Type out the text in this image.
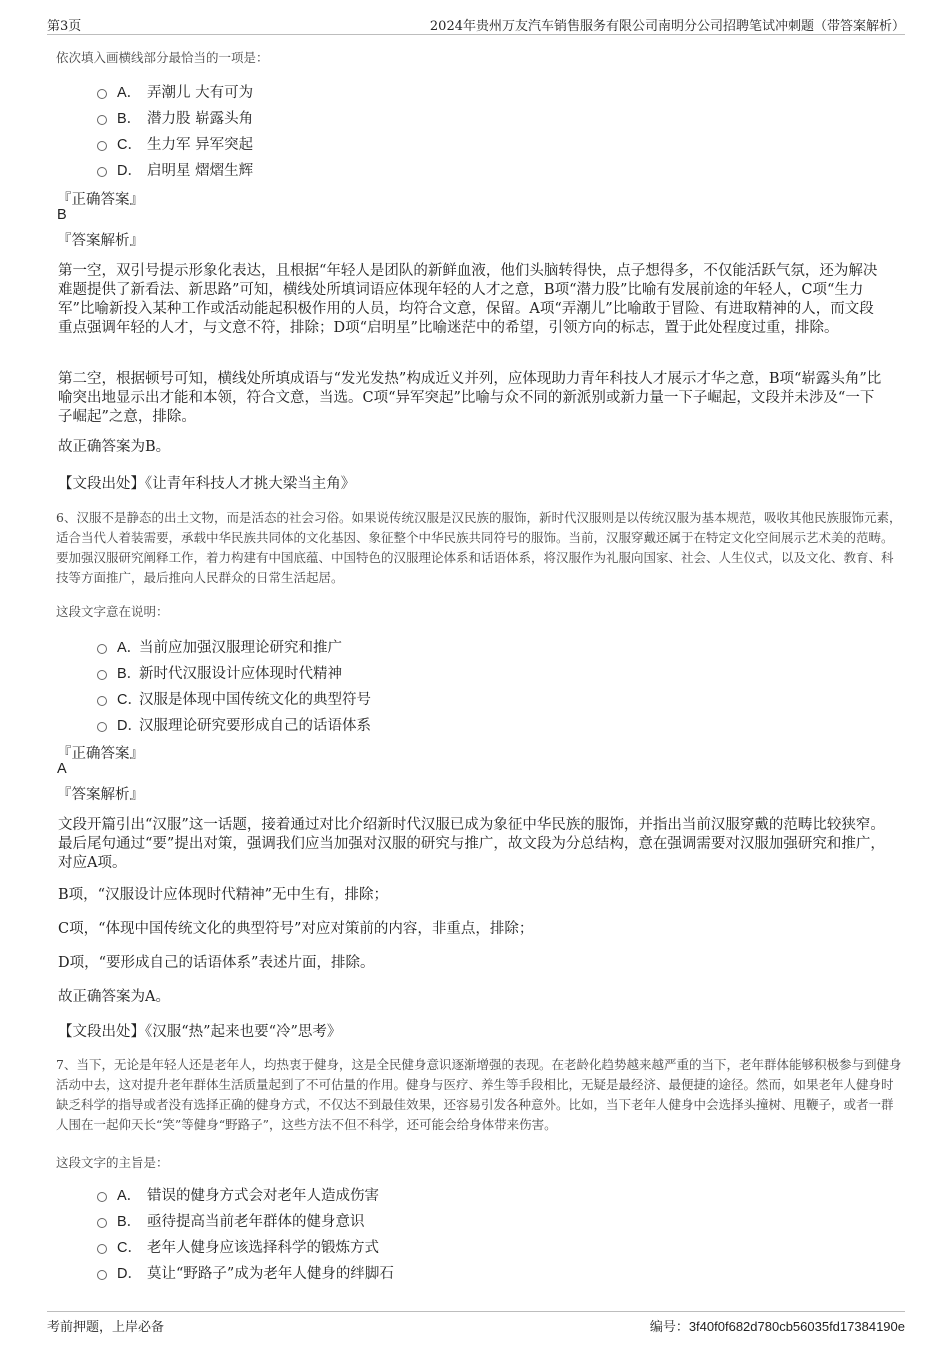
第3页	2024年贵州万友汽车销售服务有限公司南明分公司招聘笔试冲刺题（带答案解析）
依次填入画横线部分最恰当的一项是：
A． 弄潮儿 大有可为
B． 潜力股 崭露头角
C． 生力军 异军突起
D． 启明星 熠熠生辉
『正确答案』
B
『答案解析』
第一空，双引号提示形象化表达，且根据“年轻人是团队的新鲜血液，他们头脑转得快，点子想得多，不仅能活跃气氛，还为解决难题提供了新看法、新思路”可知，横线处所填词语应体现年轻的人才之意，B项“潜力股”比喻有发展前途的年轻人，C项“生力军”比喻新投入某种工作或活动能起积极作用的人员，均符合文意，保留。A项“弄潮儿”比喻敢于冒险、有进取精神的人，而文段重点强调年轻的人才，与文意不符，排除；D项“启明星”比喻迷茫中的希望，引领方向的标志，置于此处程度过重，排除。
第二空，根据顿号可知，横线处所填成语与“发光发热”构成近义并列，应体现助力青年科技人才展示才华之意，B项“崭露头角”比喻突出地显示出才能和本领，符合文意，当选。C项“异军突起”比喻与众不同的新派别或新力量一下子崛起，文段并未涉及“一下子崛起”之意，排除。
故正确答案为B。
【文段出处】《让青年科技人才挑大梁当主角》
6、汉服不是静态的出土文物，而是活态的社会习俗。如果说传统汉服是汉民族的服饰，新时代汉服则是以传统汉服为基本规范，吸收其他民族服饰元素，适合当代人着装需要，承载中华民族共同体的文化基因、象征整个中华民族共同符号的服饰。当前，汉服穿戴还属于在特定文化空间展示艺术美的范畴。要加强汉服研究阐释工作，着力构建有中国底蕴、中国特色的汉服理论体系和话语体系，将汉服作为礼服向国家、社会、人生仪式，以及文化、教育、科技等方面推广，最后推向人民群众的日常生活起居。
这段文字意在说明：
A．
当前应加强汉服理论研究和推广
B．
新时代汉服设计应体现时代精神
C．
汉服是体现中国传统文化的典型符号
D．
汉服理论研究要形成自己的话语体系
『正确答案』
A
『答案解析』
文段开篇引出“汉服”这一话题，接着通过对比介绍新时代汉服已成为象征中华民族的服饰，并指出当前汉服穿戴的范畴比较狭窄。最后尾句通过“要”提出对策，强调我们应当加强对汉服的研究与推广，故文段为分总结构，意在强调需要对汉服加强研究和推广，对应A项。
B项，“汉服设计应体现时代精神”无中生有，排除；
C项，“体现中国传统文化的典型符号”对应对策前的内容，非重点，排除；
D项，“要形成自己的话语体系”表述片面，排除。
故正确答案为A。
【文段出处】《汉服“热”起来也要“冷”思考》
7、当下，无论是年轻人还是老年人，均热衷于健身，这是全民健身意识逐渐增强的表现。在老龄化趋势越来越严重的当下，老年群体能够积极参与到健身活动中去，这对提升老年群体生活质量起到了不可估量的作用。健身与医疗、养生等手段相比，无疑是最经济、最便捷的途径。然而，如果老年人健身时缺乏科学的指导或者没有选择正确的健身方式，不仅达不到最佳效果，还容易引发各种意外。比如，当下老年人健身中会选择头撞树、甩鞭子，或者一群人围在一起仰天长“笑”等健身“野路子”，这些方法不但不科学，还可能会给身体带来伤害。
这段文字的主旨是：
A． 错误的健身方式会对老年人造成伤害
B． 亟待提高当前老年群体的健身意识
C． 老年人健身应该选择科学的锻炼方式
D． 莫让“野路子”成为老年人健身的绊脚石
考前押题，上岸必备	编号：3f40f0f682d780cb56035fd17384190e
